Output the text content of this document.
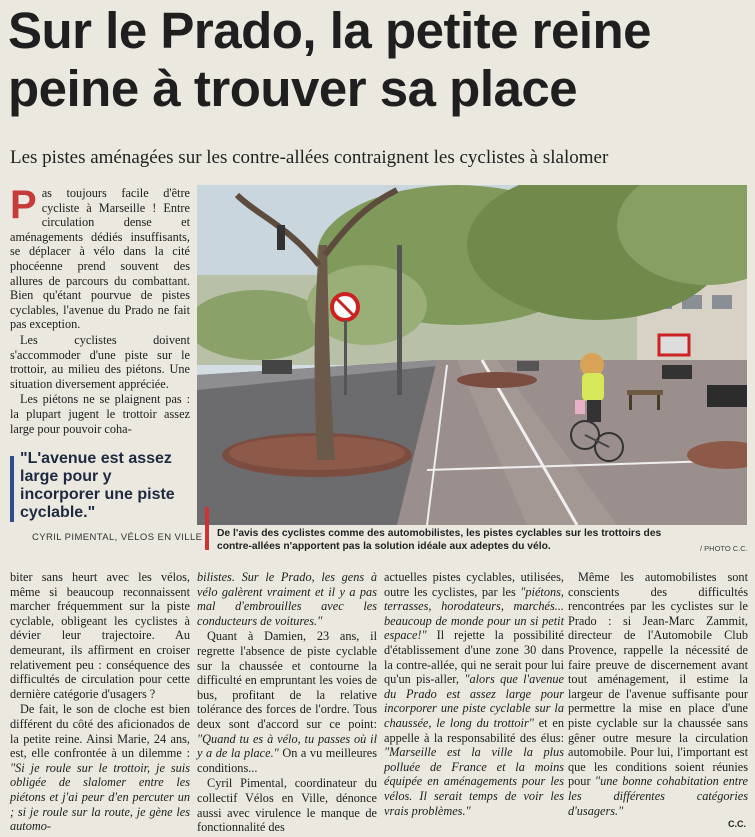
Sur le Prado, la petite reine
peine à trouver sa place
Les pistes aménagées sur les contre-allées contraignent les cyclistes à slalomer

Pas toujours facile d'être cycliste à Marseille ! Entre circulation dense et aménagements dédiés insuffisants, se déplacer à vélo dans la cité phocéenne prend souvent des allures de parcours du combattant. Bien qu'étant pourvue de pistes cyclables, l'avenue du Prado ne fait pas exception.

Les cyclistes doivent s'accommoder d'une piste sur le trottoir, au milieu des piétons. Une situation diversement appréciée.

Les piétons ne se plaignent pas : la plupart jugent le trottoir assez large pour pouvoir coha-

"L'avenue est assez large pour y incorporer une piste cyclable."
CYRIL PIMENTAL, VÉLOS EN VILLE De l'avis des cyclistes comme des automobilistes, les pistes cyclables sur les trottoirs des contre-allées n'apportent pas la solution idéale aux adeptes du vélo.	/ PHOTO C.C.

biter sans heurt avec les vélos, même si beaucoup reconnaissent marcher fréquemment sur la piste cyclable, obligeant les cyclistes à dévier leur trajectoire. Au demeurant, ils affirment en croiser relativement peu : conséquence des difficultés de circulation pour cette dernière catégorie d'usagers ?

De fait, le son de cloche est bien différent du côté des aficionados de la petite reine. Ainsi Marie, 24 ans, est, elle confrontée à un dilemme : "Si je roule sur le trottoir, je suis obligée de slalomer entre les piétons et j'ai peur d'en percuter un ; si je roule sur la route, je gène les automo-

bilistes. Sur le Prado, les gens à vélo galèrent vraiment et il y a pas mal d'embrouilles avec les conducteurs de voitures."

Quant à Damien, 23 ans, il regrette l'absence de piste cyclable sur la chaussée et contourne la difficulté en empruntant les voies de bus, profitant de la relative tolérance des forces de l'ordre. Tous deux sont d'accord sur ce point: "Quand tu es à vélo, tu passes où il y a de la place." On a vu meilleures conditions...

Cyril Pimental, coordinateur du collectif Vélos en Ville, dénonce aussi avec virulence le manque de fonctionnalité des

actuelles pistes cyclables, utilisées, outre les cyclistes, par les "piétons, terrasses, horodateurs, marchés... beaucoup de monde pour un si petit espace!" Il rejette la possibilité d'établissement d'une zone 30 dans la contre-allée, qui ne serait pour lui qu'un pis-aller, "alors que l'avenue du Prado est assez large pour incorporer une piste cyclable sur la chaussée, le long du trottoir" et en appelle à la responsabilité des élus: "Marseille est la ville la plus polluée de France et la moins équipée en aménagements pour les vélos. Il serait temps de voir les vrais problèmes."

Même les automobilistes sont conscients des difficultés rencontrées par les cyclistes sur le Prado : si Jean-Marc Zammit, directeur de l'Automobile Club Provence, rappelle la nécessité de faire preuve de discernement avant tout aménagement, il estime la largeur de l'avenue suffisante pour permettre la mise en place d'une piste cyclable sur la chaussée sans gêner outre mesure la circulation automobile. Pour lui, l'important est que les conditions soient réunies pour "une bonne cohabitation entre les différentes catégories d'usagers."

C.C.
